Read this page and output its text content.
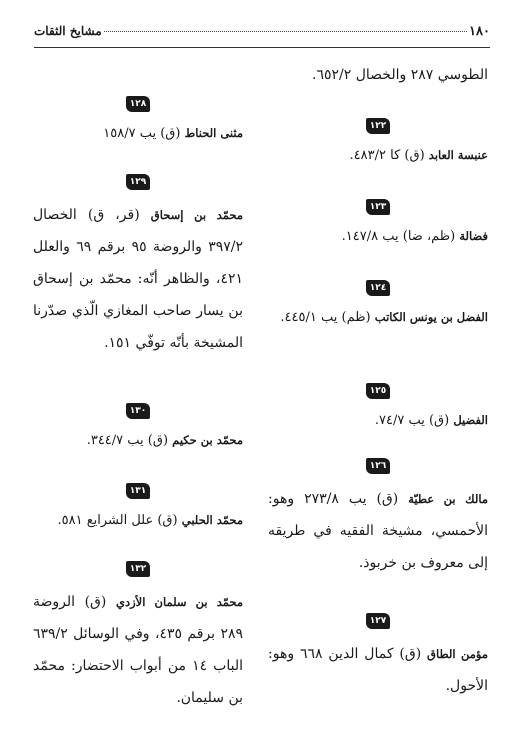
١٨٠
مشايخ الثقات
الطوسي ٢٨٧ والخصال ٦٥٢/٢.
١٢٢
عنبسة العابد (ق) كا ٤٨٣/٢.
١٢٣
فضالة (ظم، ضا) يب ١٤٧/٨.
١٢٤
الفضل بن يونس الكاتب (ظم) يب ٤٤٥/١.
١٢٥
الفضيل (ق) يب ٧٤/٧.
١٢٦
مالك بن عطيّة (ق) يب ٢٧٣/٨ وهو: الأحمسي، مشيخة الفقيه في طريقه إلى معروف بن خربوذ.
١٢٧
مؤمن الطاق (ق) كمال الدين ٦٦٨ وهو: الأحول.
١٢٨
مثنى الحناط (ق) يب ١٥٨/٧
١٢٩
محمّد بن إسحاق (قر، ق) الخصال ٣٩٧/٢ والروضة ٩٥ برقم ٦٩ والعلل ٤٢١، والظاهر أنّه: محمّد بن إسحاق بن يسار صاحب المغازي الّذي صدّرنا المشيخة بأنّه توفّي ١٥١.
١٣٠
محمّد بن حكيم (ق) يب ٣٤٤/٧.
١٣١
محمّد الحلبي (ق) علل الشرايع ٥٨١.
١٣٢
محمّد بن سلمان الأزدي (ق) الروضة ٢٨٩ برقم ٤٣٥، وفي الوسائل ٦٣٩/٢ الباب ١٤ من أبواب الاحتضار: محمّد بن سليمان.
